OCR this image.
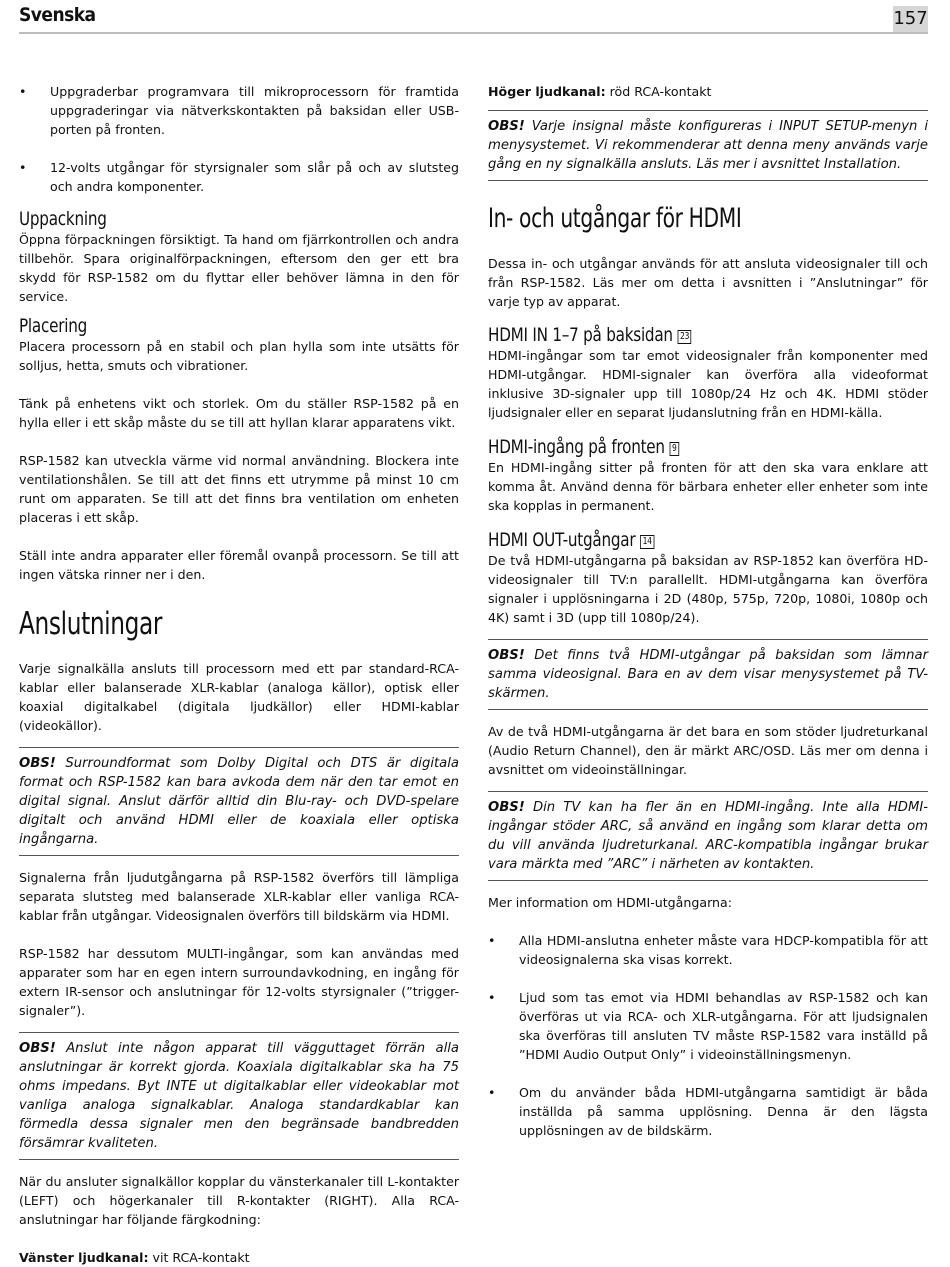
Svenska	157
• Uppgraderbar programvara till mikroprocessorn för framtida uppgraderingar via nätverkskontakten på baksidan eller USB-porten på fronten.
• 12-volts utgångar för styrsignaler som slår på och av slutsteg och andra komponenter.
Uppackning

Öppna förpackningen försiktigt. Ta hand om fjärrkontrollen och andra tillbehör. Spara originalförpackningen, eftersom den ger ett bra skydd för RSP-1582 om du flyttar eller behöver lämna in den för service.

Placering

Placera processorn på en stabil och plan hylla som inte utsätts för solljus, hetta, smuts och vibrationer.

Tänk på enhetens vikt och storlek. Om du ställer RSP-1582 på en hylla eller i ett skåp måste du se till att hyllan klarar apparatens vikt.

RSP-1582 kan utveckla värme vid normal användning. Blockera inte ventilationshålen. Se till att det finns ett utrymme på minst 10 cm runt om apparaten. Se till att det finns bra ventilation om enheten placeras i ett skåp.

Ställ inte andra apparater eller föremål ovanpå processorn. Se till att ingen vätska rinner ner i den.

Anslutningar

Varje signalkälla ansluts till processorn med ett par standard-RCA-kablar eller balanserade XLR-kablar (analoga källor), optisk eller koaxial digitalkabel (digitala ljudkällor) eller HDMI-kablar (videokällor).

OBS! Surroundformat som Dolby Digital och DTS är digitala format och RSP-1582 kan bara avkoda dem när den tar emot en digital signal. Anslut därför alltid din Blu-ray- och DVD-spelare digitalt och använd HDMI eller de koaxiala eller optiska ingångarna.

Signalerna från ljudutgångarna på RSP-1582 överförs till lämpliga separata slutsteg med balanserade XLR-kablar eller vanliga RCA-kablar från utgångar. Videosignalen överförs till bildskärm via HDMI.

RSP-1582 har dessutom MULTI-ingångar, som kan användas med apparater som har en egen intern surroundavkodning, en ingång för extern IR-sensor och anslutningar för 12-volts styrsignaler (”trigger-signaler”).

OBS! Anslut inte någon apparat till vägguttaget förrän alla anslutningar är korrekt gjorda. Koaxiala digitalkablar ska ha 75 ohms impedans. Byt INTE ut digitalkablar eller videokablar mot vanliga analoga signalkablar. Analoga standardkablar kan förmedla dessa signaler men den begränsade bandbredden försämrar kvaliteten.

När du ansluter signalkällor kopplar du vänsterkanaler till L-kontakter (LEFT) och högerkanaler till R-kontakter (RIGHT). Alla RCA-anslutningar har följande färgkodning:

Vänster ljudkanal: vit RCA-kontakt

Höger ljudkanal: röd RCA-kontakt

OBS! Varje insignal måste konfigureras i INPUT SETUP-menyn i menysystemet. Vi rekommenderar att denna meny används varje gång en ny signalkälla ansluts. Läs mer i avsnittet Installation.

In- och utgångar för HDMI

Dessa in- och utgångar används för att ansluta videosignaler till och från RSP-1582. Läs mer om detta i avsnitten i ”Anslutningar” för varje typ av apparat.

HDMI IN 1–7 på baksidan 23

HDMI-ingångar som tar emot videosignaler från komponenter med HDMI-utgångar. HDMI-signaler kan överföra alla videoformat inklusive 3D-signaler upp till 1080p/24 Hz och 4K. HDMI stöder ljudsignaler eller en separat ljudanslutning från en HDMI-källa.

HDMI-ingång på fronten 9

En HDMI-ingång sitter på fronten för att den ska vara enklare att komma åt. Använd denna för bärbara enheter eller enheter som inte ska kopplas in permanent.

HDMI OUT-utgångar 14

De två HDMI-utgångarna på baksidan av RSP-1852 kan överföra HD-videosignaler till TV:n parallellt. HDMI-utgångarna kan överföra signaler i upplösningarna i 2D (480p, 575p, 720p, 1080i, 1080p och 4K) samt i 3D (upp till 1080p/24).

OBS! Det finns två HDMI-utgångar på baksidan som lämnar samma videosignal. Bara en av dem visar menysystemet på TV-skärmen.

Av de två HDMI-utgångarna är det bara en som stöder ljudreturkanal (Audio Return Channel), den är märkt ARC/OSD. Läs mer om denna i avsnittet om videoinställningar.

OBS! Din TV kan ha fler än en HDMI-ingång. Inte alla HDMI-ingångar stöder ARC, så använd en ingång som klarar detta om du vill använda ljudreturkanal. ARC-kompatibla ingångar brukar vara märkta med ”ARC” i närheten av kontakten.

Mer information om HDMI-utgångarna:

• Alla HDMI-anslutna enheter måste vara HDCP-kompatibla för att videosignalerna ska visas korrekt.
• Ljud som tas emot via HDMI behandlas av RSP-1582 och kan överföras ut via RCA- och XLR-utgångarna. För att ljudsignalen ska överföras till ansluten TV måste RSP-1582 vara inställd på ”HDMI Audio Output Only” i videoinställningsmenyn.
• Om du använder båda HDMI-utgångarna samtidigt är båda inställda på samma upplösning. Denna är den lägsta upplösningen av de bildskärm.
